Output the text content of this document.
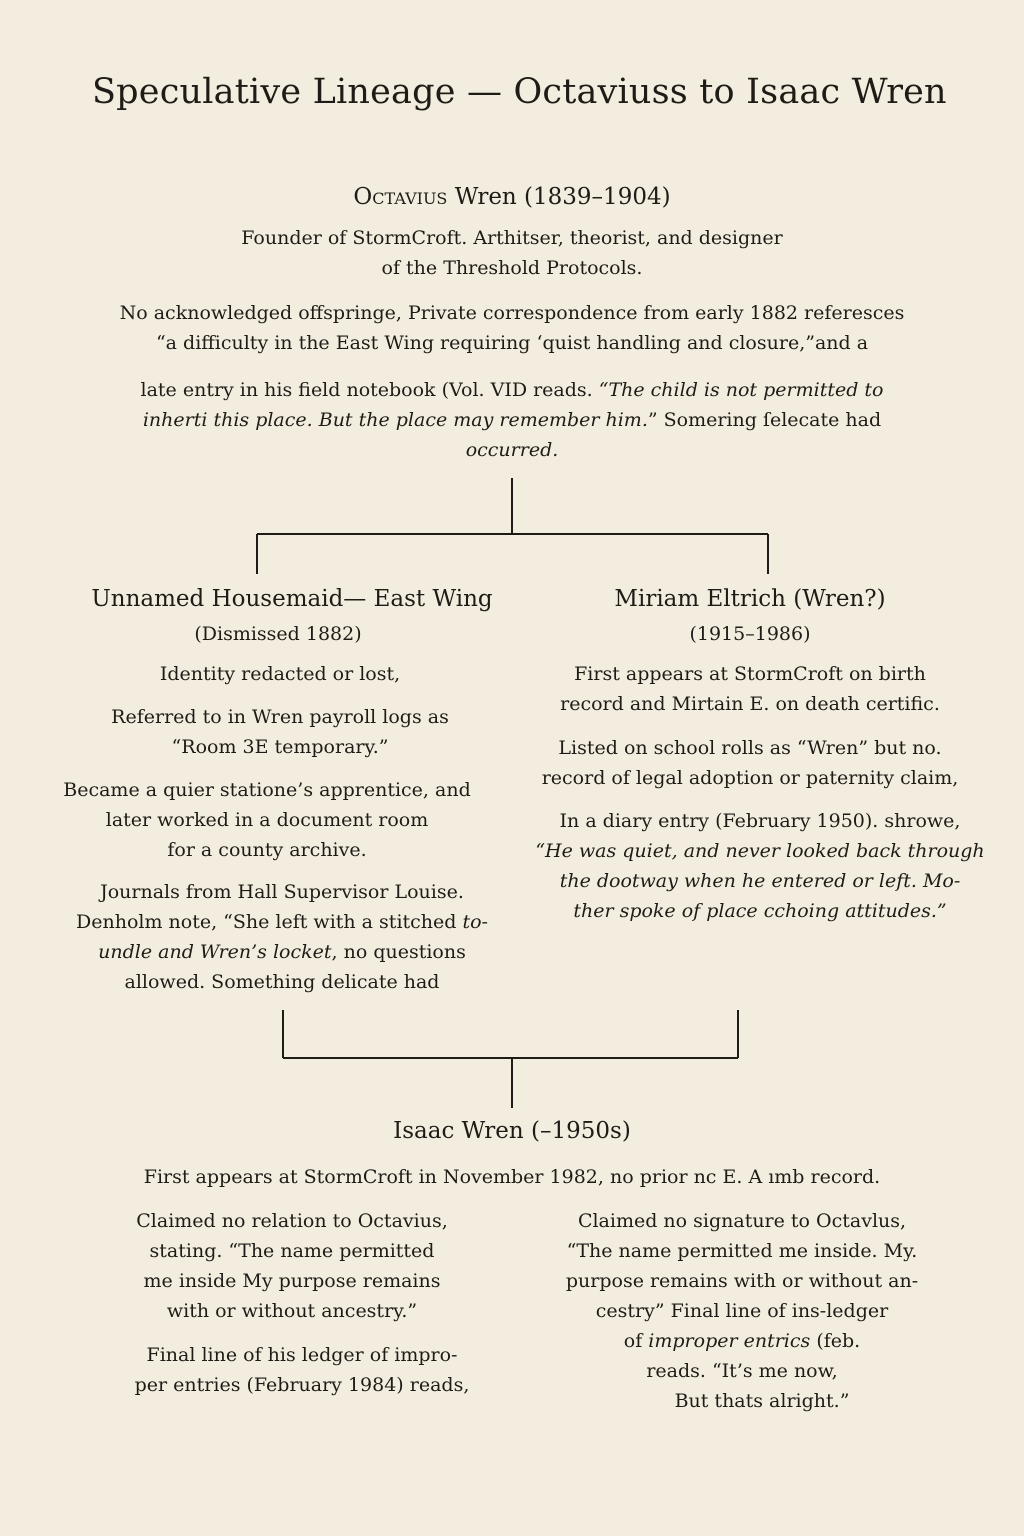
Speculative Lineage — Octaviuss to Isaac Wren
Octavius Wren (1839–1904)

Founder of StormCroft. Arthitser, theorist, and designer

of the Threshold Protocols.

No acknowledged offspringe, Private correspondence from early 1882 referesces

“a difficulty in the East Wing requiring ‘quist handling and closure,”and a

late entry in his field notebook (Vol. VID reads. “The child is not permitted to

inherti this place. But the place may remember him.” Somering ſelecate had

occurred.

Unnamed Housemaid— East Wing
(Dismissed 1882)
Identity redacted or lost,

Referred to in Wren payroll logs as

“Room 3E temporary.”

Became a quier statione’s apprentice, and

later worked in a document room

for a county archive.

Journals from Hall Supervisor Louise.

Denholm note, “She left with a stitched to-

undle and Wren’s locket, no questions

allowed. Something delicate had

Miriam Eltrich (Wren?)
(1915–1986)

First appears at StormCroft on birth

record and Mirtain E. on death certific.

Listed on school rolls as “Wren” but no.

record of legal adoption or paternity claim,

In a diary entry (February 1950). shrowe,

“He was quiet, and never looked back through

the dootway when he entered or left. Mo-

ther spoke of place cchoing attitudes.”

Isaac Wren (–1950s)
First appears at StormCroft in November 1982, no prior nc E. A ımb record.

Claimed no relation to Octavius,

stating. “The name permitted

me inside My purpose remains

with or without ancestry.”

Final line of his ledger of impro-

per entries (February 1984) reads,

Claimed no signature to Octavlus,

“The name permitted me inside. My.

purpose remains with or without an-

cestry” Final line of ins-ledger

of improper entrics (feb.

reads. “It’s me now,

But thats alright.”
